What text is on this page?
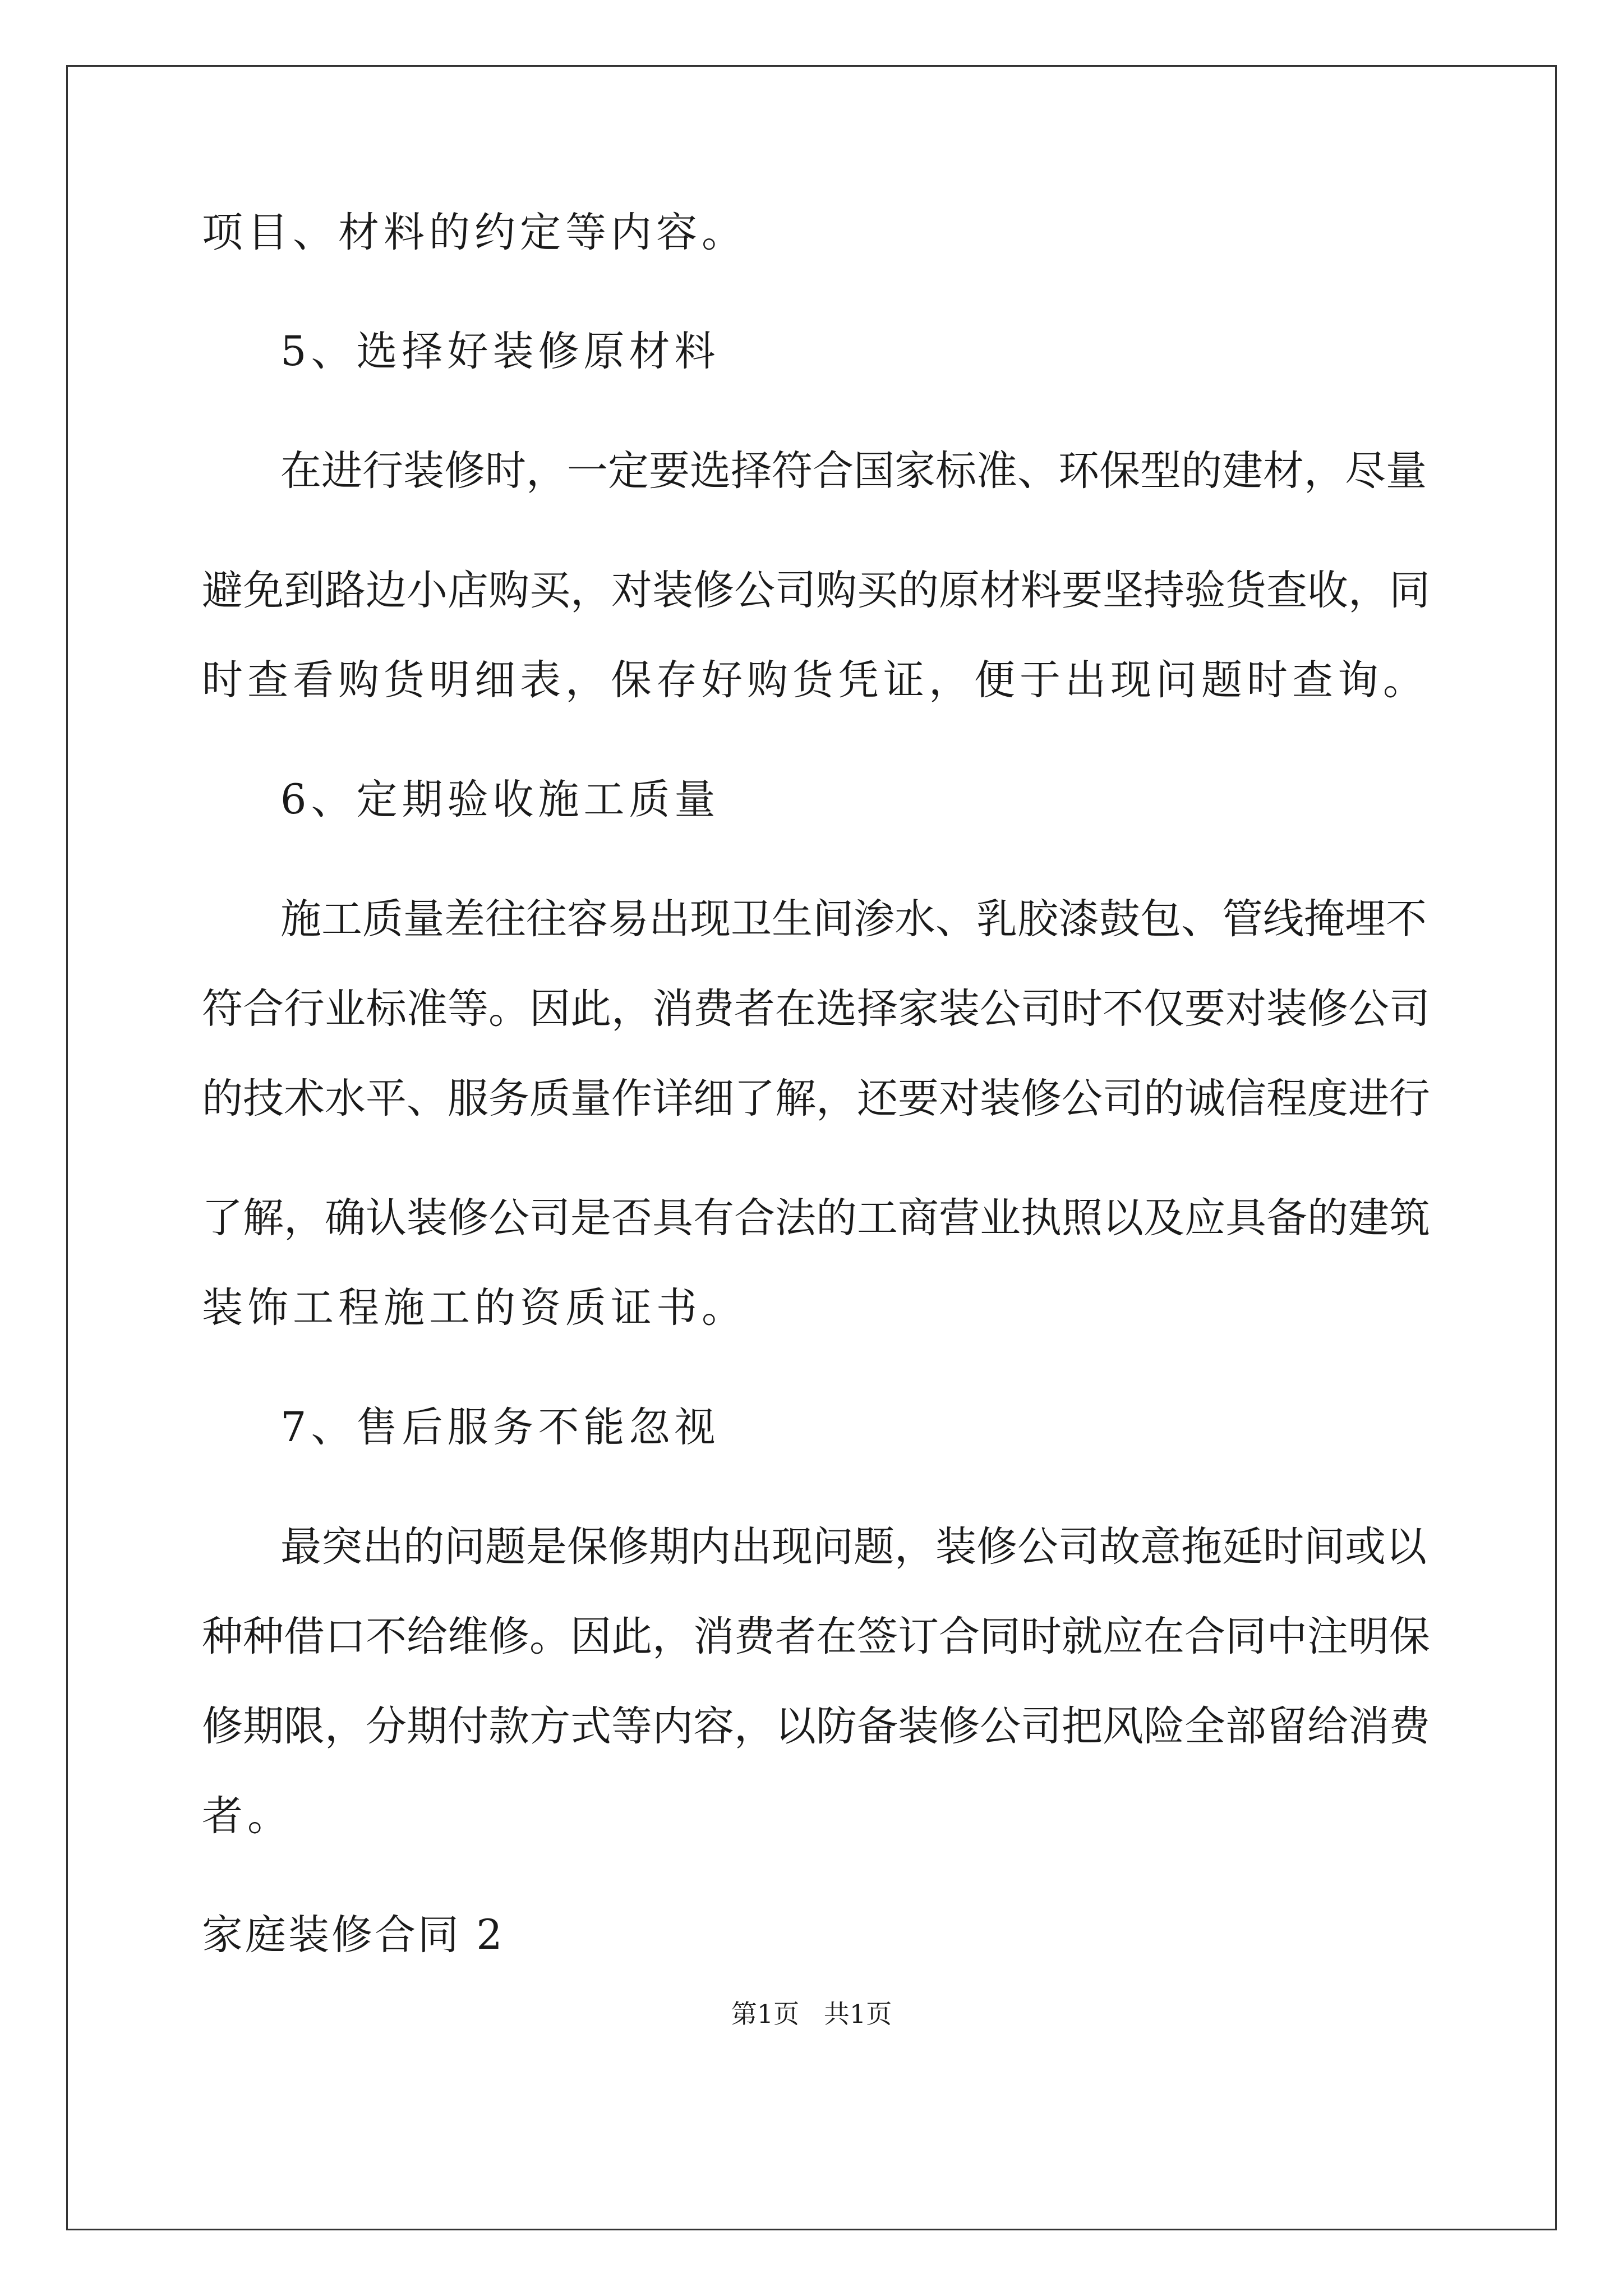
项目、材料的约定等内容。
5、选择好装修原材料
在进行装修时，一定要选择符合国家标准、环保型的建材，尽量
避免到路边小店购买，对装修公司购买的原材料要坚持验货查收，同
时查看购货明细表，保存好购货凭证，便于出现问题时查询。
6、定期验收施工质量
施工质量差往往容易出现卫生间渗水、乳胶漆鼓包、管线掩埋不
符合行业标准等。因此，消费者在选择家装公司时不仅要对装修公司
的技术水平、服务质量作详细了解，还要对装修公司的诚信程度进行
了解，确认装修公司是否具有合法的工商营业执照以及应具备的建筑
装饰工程施工的资质证书。
7、售后服务不能忽视
最突出的问题是保修期内出现问题，装修公司故意拖延时间或以
种种借口不给维修。因此，消费者在签订合同时就应在合同中注明保
修期限，分期付款方式等内容，以防备装修公司把风险全部留给消费
者。
家庭装修合同 2
第1页   共1页
